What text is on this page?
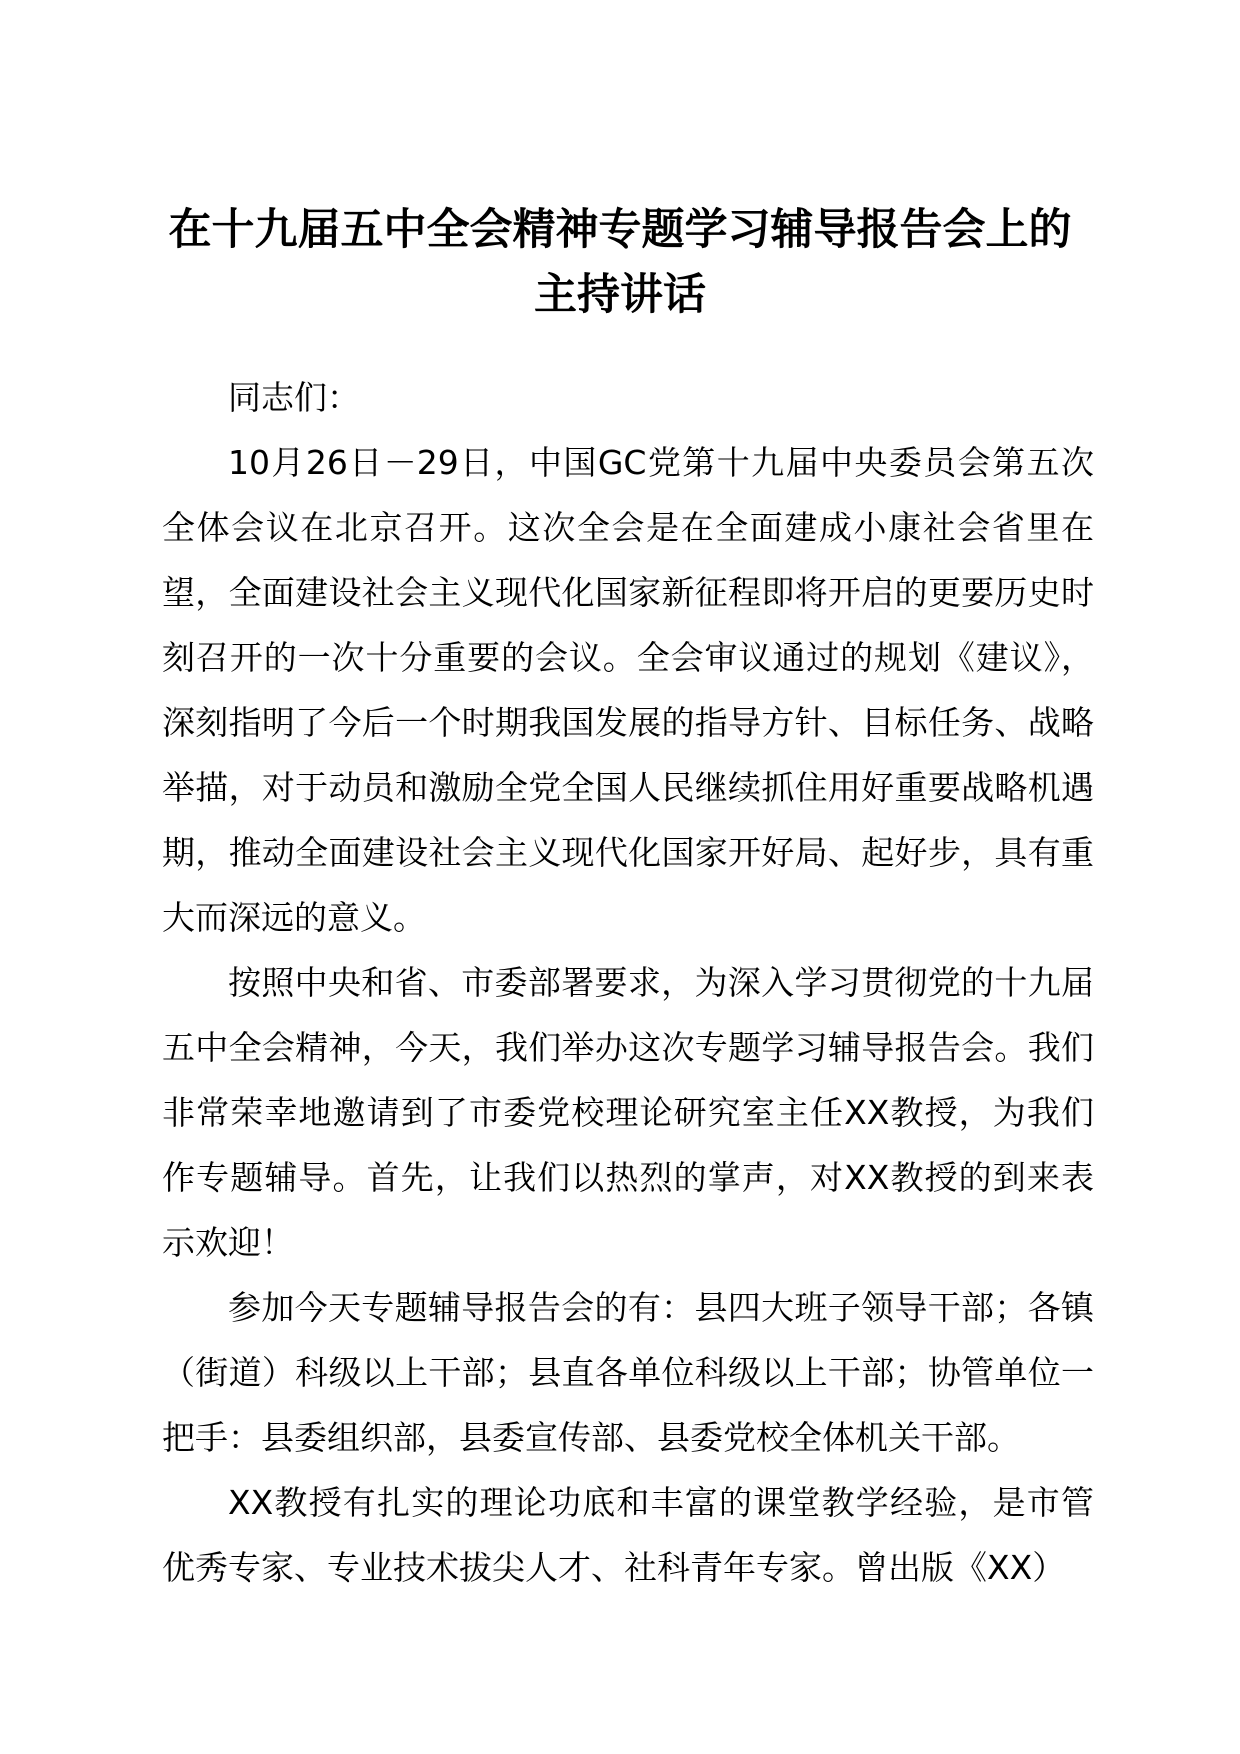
在十九届五中全会精神专题学习辅导报告会上的主持讲话

同志们：

10月26日－29日，中国GC党第十九届中央委员会第五次全体会议在北京召开。这次全会是在全面建成小康社会省里在望，全面建设社会主义现代化国家新征程即将开启的更要历史时刻召开的一次十分重要的会议。全会审议通过的规划《建议》，深刻指明了今后一个时期我国发展的指导方针、目标任务、战略举描，对于动员和激励全党全国人民继续抓住用好重要战略机遇期，推动全面建设社会主义现代化国家开好局、起好步，具有重大而深远的意义。

按照中央和省、市委部署要求，为深入学习贯彻党的十九届五中全会精神，今天，我们举办这次专题学习辅导报告会。我们非常荣幸地邀请到了市委党校理论研究室主任XX教授，为我们作专题辅导。首先，让我们以热烈的掌声，对XX教授的到来表示欢迎！

参加今天专题辅导报告会的有：县四大班子领导干部；各镇（街道）科级以上干部；县直各单位科级以上干部；协管单位一把手：县委组织部，县委宣传部、县委党校全体机关干部。

XX教授有扎实的理论功底和丰富的课堂教学经验，是市管优秀专家、专业技术拔尖人才、社科青年专家。曾出版《XX）
